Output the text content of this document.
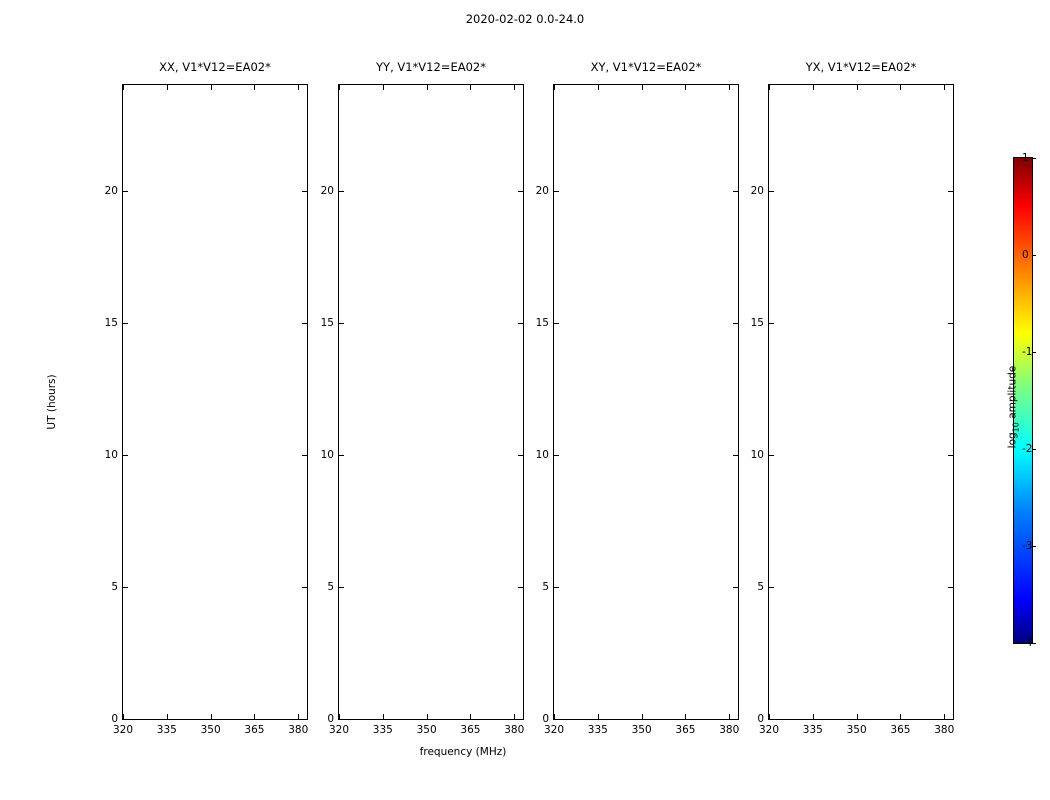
2020-02-02 0.0-24.0
XX, V1*V12=EA02*
0
5
10
15
20
320 335 350 365 380
YY, V1*V12=EA02*
0
5
10
15
20
320 335 350 365 380
XY, V1*V12=EA02*
0
5
10
15
20
320 335 350 365 380
YX, V1*V12=EA02*
0
5
10
15
20
320 335 350 365 380
UT (hours)
frequency (MHz)
-4
-3
-2
-1
0
1
$\log_{10}$ amplitude
